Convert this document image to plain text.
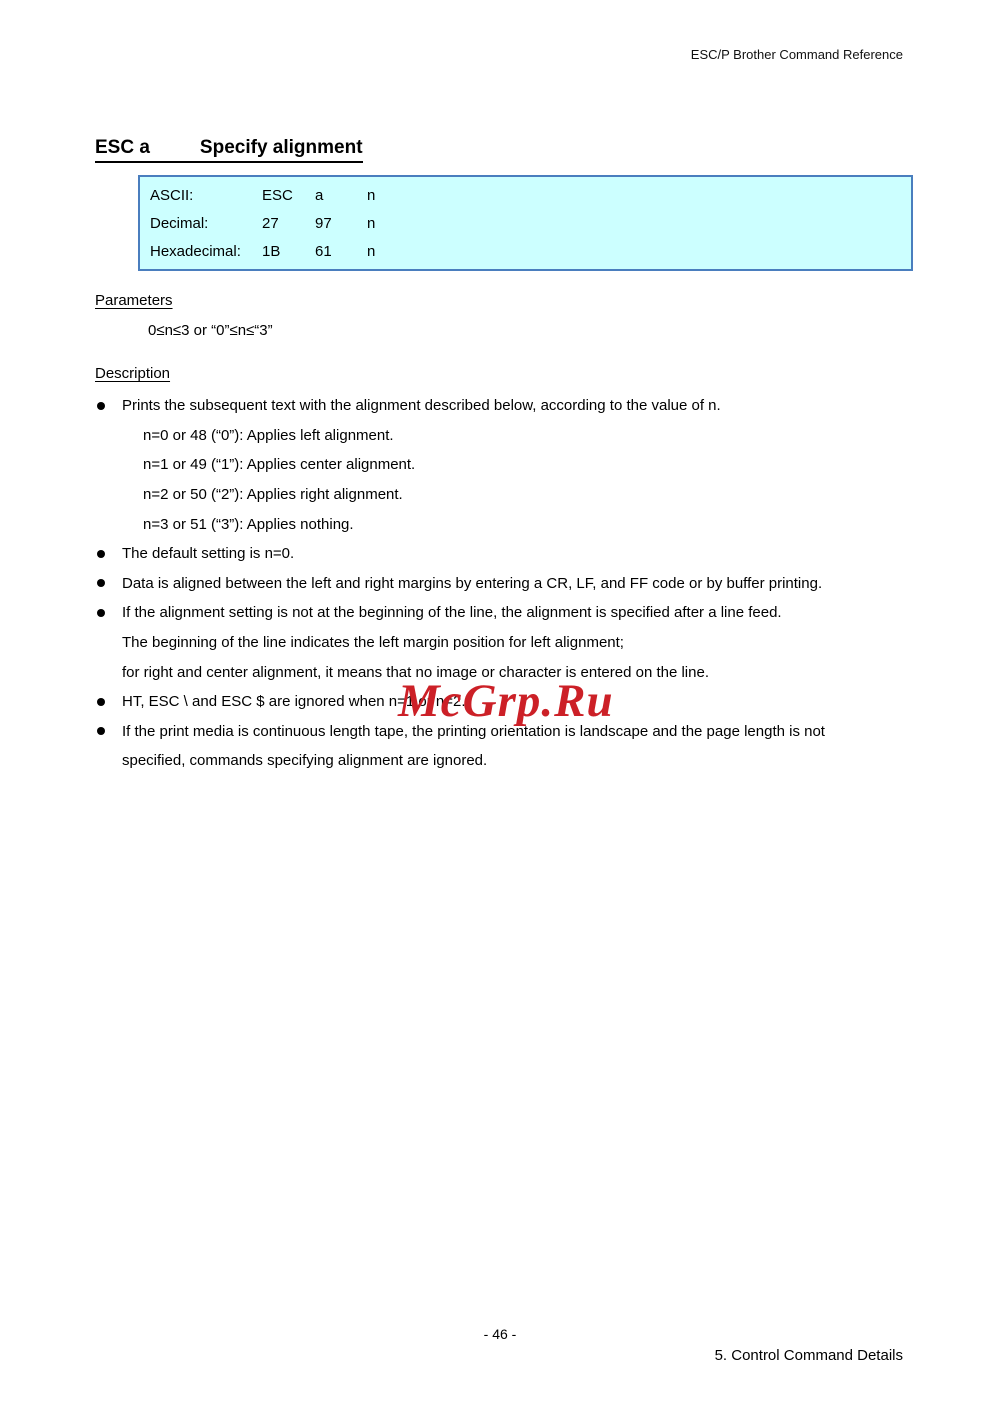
ESC/P Brother Command Reference
ESC a	Specify alignment
ASCII:	ESC	a	n
Decimal:	27	97	n
Hexadecimal:	1B	61	n
Parameters
0≤n≤3 or “0”≤n≤“3”
Description
Prints the subsequent text with the alignment described below, according to the value of n.
n=0 or 48 (“0”): Applies left alignment.
n=1 or 49 (“1”): Applies center alignment.
n=2 or 50 (“2”): Applies right alignment.
n=3 or 51 (“3”): Applies nothing.
The default setting is n=0.
Data is aligned between the left and right margins by entering a CR, LF, and FF code or by buffer printing.
If the alignment setting is not at the beginning of the line, the alignment is specified after a line feed.
The beginning of the line indicates the left margin position for left alignment;
for right and center alignment, it means that no image or character is entered on the line.
HT, ESC \ and ESC $ are ignored when n=1 or n=2.
If the print media is continuous length tape, the printing orientation is landscape and the page length is not
specified, commands specifying alignment are ignored.
McGrp.Ru
- 46 -
5. Control Command Details
